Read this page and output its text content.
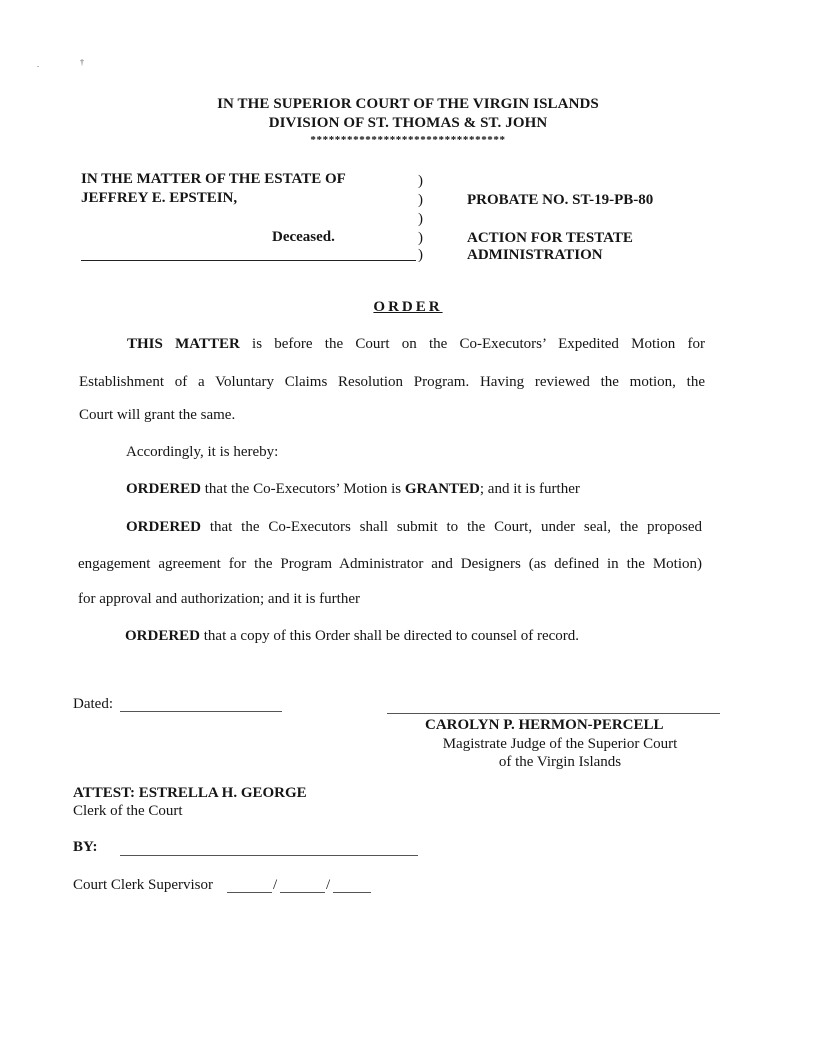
.	†
IN THE SUPERIOR COURT OF THE VIRGIN ISLANDS
DIVISION OF ST. THOMAS & ST. JOHN
********************************
IN THE MATTER OF THE ESTATE OF
JEFFREY E. EPSTEIN,
Deceased.
)
)
)
)
)
PROBATE NO. ST-19-PB-80
ACTION FOR TESTATE
ADMINISTRATION
ORDER
THIS MATTER is before the Court on the Co-Executors’ Expedited Motion for
Establishment of a Voluntary Claims Resolution Program. Having reviewed the motion, the
Court will grant the same.
Accordingly, it is hereby:
ORDERED that the Co-Executors’ Motion is GRANTED; and it is further
ORDERED that the Co-Executors shall submit to the Court, under seal, the proposed
engagement agreement for the Program Administrator and Designers (as defined in the Motion)
for approval and authorization; and it is further
ORDERED that a copy of this Order shall be directed to counsel of record.
Dated:
CAROLYN P. HERMON-PERCELL
Magistrate Judge of the Superior Court
of the Virgin Islands
ATTEST: ESTRELLA H. GEORGE
Clerk of the Court
BY:
Court Clerk Supervisor	/	/
